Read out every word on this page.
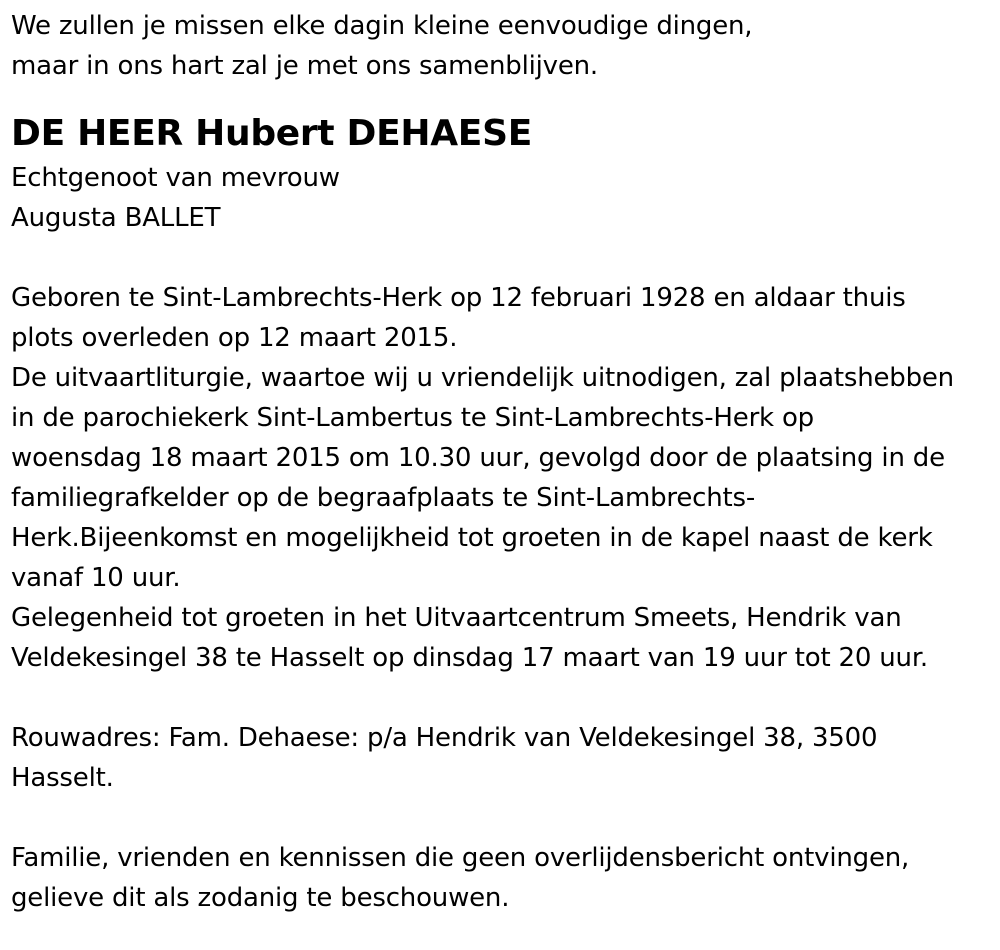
We zullen je missen elke dagin kleine eenvoudige dingen,
maar in ons hart zal je met ons samenblijven.
DE HEER Hubert DEHAESE
Echtgenoot van mevrouw
Augusta BALLET
Geboren te Sint-Lambrechts-Herk op 12 februari 1928 en aldaar thuis
plots overleden op 12 maart 2015.
De uitvaartliturgie, waartoe wij u vriendelijk uitnodigen, zal plaatshebben
in de parochiekerk Sint-Lambertus te Sint-Lambrechts-Herk op
woensdag 18 maart 2015 om 10.30 uur, gevolgd door de plaatsing in de
familiegrafkelder op de begraafplaats te Sint-Lambrechts-
Herk.Bijeenkomst en mogelijkheid tot groeten in de kapel naast de kerk
vanaf 10 uur.
Gelegenheid tot groeten in het Uitvaartcentrum Smeets, Hendrik van
Veldekesingel 38 te Hasselt op dinsdag 17 maart van 19 uur tot 20 uur.
Rouwadres: Fam. Dehaese: p/a Hendrik van Veldekesingel 38, 3500
Hasselt.
Familie, vrienden en kennissen die geen overlijdensbericht ontvingen,
gelieve dit als zodanig te beschouwen.
